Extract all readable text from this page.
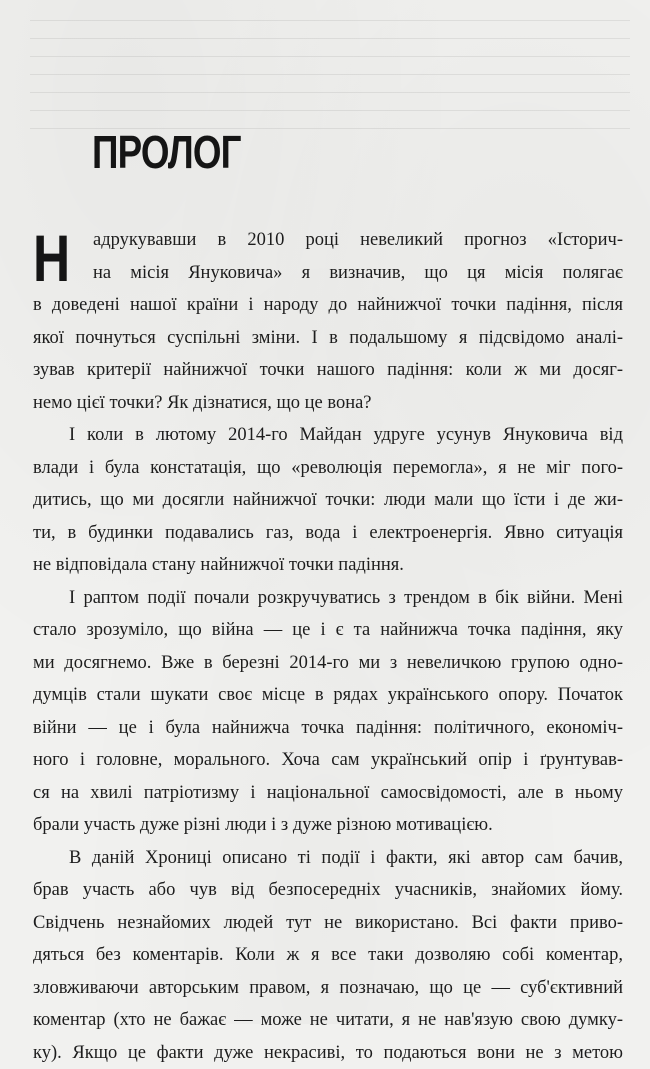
ПРОЛОГ
Н	адрукувавши в 2010 році невеликий прогноз «Історич-
на місія Януковича» я визначив, що ця місія полягає
в доведені нашої країни і народу до найнижчої точки падіння, після
якої почнуться суспільні зміни. І в подальшому я підсвідомо аналі-
зував критерії найнижчої точки нашого падіння: коли ж ми досяг-
немо цієї точки? Як дізнатися, що це вона?
І коли в лютому 2014-го Майдан удруге усунув Януковича від
влади і була констатація, що «революція перемогла», я не міг пого-
дитись, що ми досягли найнижчої точки: люди мали що їсти і де жи-
ти, в будинки подавались газ, вода і електроенергія. Явно ситуація
не відповідала стану найнижчої точки падіння.
І раптом події почали розкручуватись з трендом в бік війни. Мені
стало зрозуміло, що війна — це і є та найнижча точка падіння, яку
ми досягнемо. Вже в березні 2014-го ми з невеличкою групою одно-
думців стали шукати своє місце в рядах українського опору. Початок
війни — це і була найнижча точка падіння: політичного, економіч-
ного і головне, морального. Хоча сам український опір і ґрунтував-
ся на хвилі патріотизму і національної самосвідомості, але в ньому
брали участь дуже різні люди і з дуже різною мотивацією.
В даній Хрониці описано ті події і факти, які автор сам бачив,
брав участь або чув від безпосередніх учасників, знайомих йому.
Свідчень незнайомих людей тут не використано. Всі факти приво-
дяться без коментарів. Коли ж я все таки дозволяю собі коментар,
зловживаючи авторським правом, я позначаю, що це — суб'єктивний
коментар (хто не бажає — може не читати, я не нав'язую свою думку-
ку). Якщо це факти дуже некрасиві, то подаються вони не з метою
